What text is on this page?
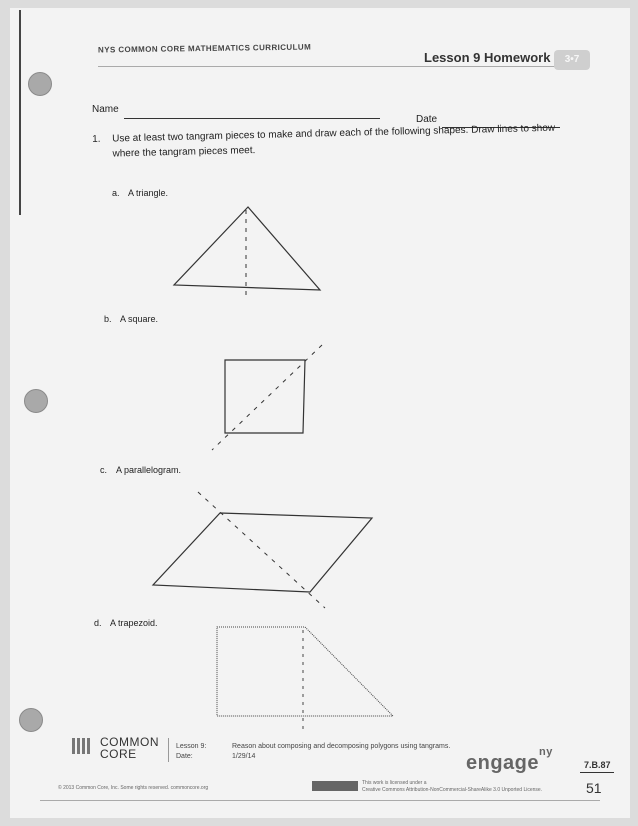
NYS COMMON CORE MATHEMATICS CURRICULUM
Lesson 9 Homework	3•7
Name
Date
1. Use at least two tangram pieces to make and draw each of the following shapes. Draw lines to show where the tangram pieces meet.
a. A triangle.
b. A square.
c. A parallelogram.
d. A trapezoid.
COMMON
CORE
Lesson 9:
Date:
Reason about composing and decomposing polygons using tangrams.
1/29/14	engage$^{ny}$
7.B.87
51
© 2013 Common Core, Inc. Some rights reserved. commoncore.org
This work is licensed under a
Creative Commons Attribution-NonCommercial-ShareAlike 3.0 Unported License.
